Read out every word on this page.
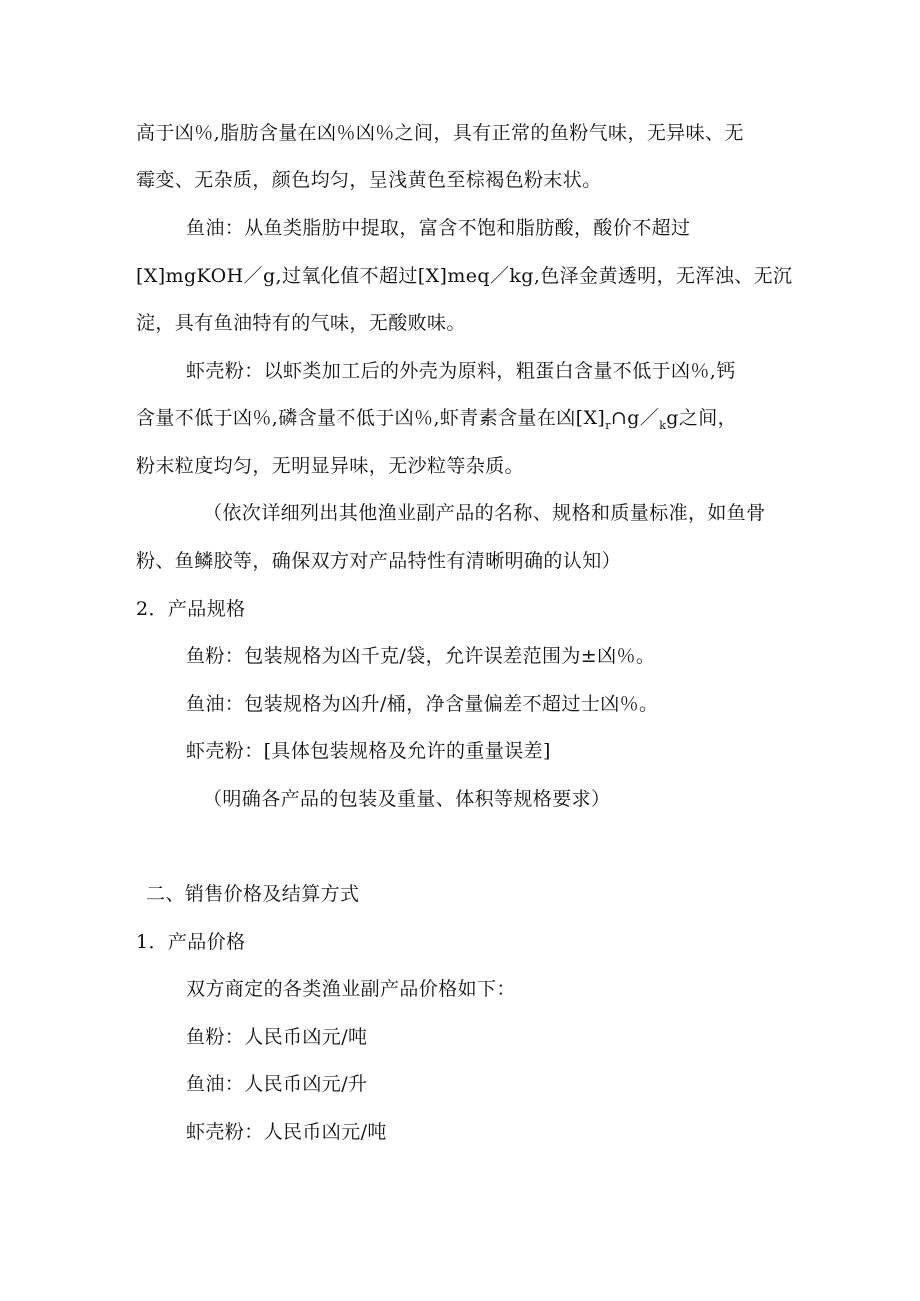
高于凶％,脂肪含量在凶％凶％之间，具有正常的鱼粉气味，无异味、无
霉变、无杂质，颜色均匀，呈浅黄色至棕褐色粉末状。
鱼油：从鱼类脂肪中提取，富含不饱和脂肪酸，酸价不超过
[X]mgKOH／g,过氧化值不超过[X]meq／kg,色泽金黄透明，无浑浊、无沉
淀，具有鱼油特有的气味，无酸败味。
虾壳粉：以虾类加工后的外壳为原料，粗蛋白含量不低于凶％,钙
含量不低于凶％,磷含量不低于凶％,虾青素含量在凶$[X]_r\cap g/_kg$之间，
粉末粒度均匀，无明显异味，无沙粒等杂质。
（依次详细列出其他渔业副产品的名称、规格和质量标准，如鱼骨
粉、鱼鳞胶等，确保双方对产品特性有清晰明确的认知）
2．产品规格
鱼粉：包装规格为凶千克/袋，允许误差范围为±凶％。
鱼油：包装规格为凶升/桶，净含量偏差不超过士凶％。
虾壳粉：[具体包装规格及允许的重量误差]
（明确各产品的包装及重量、体积等规格要求）
二、销售价格及结算方式
1．产品价格
双方商定的各类渔业副产品价格如下：
鱼粉：人民币凶元/吨
鱼油：人民币凶元/升
虾壳粉：人民币凶元/吨
